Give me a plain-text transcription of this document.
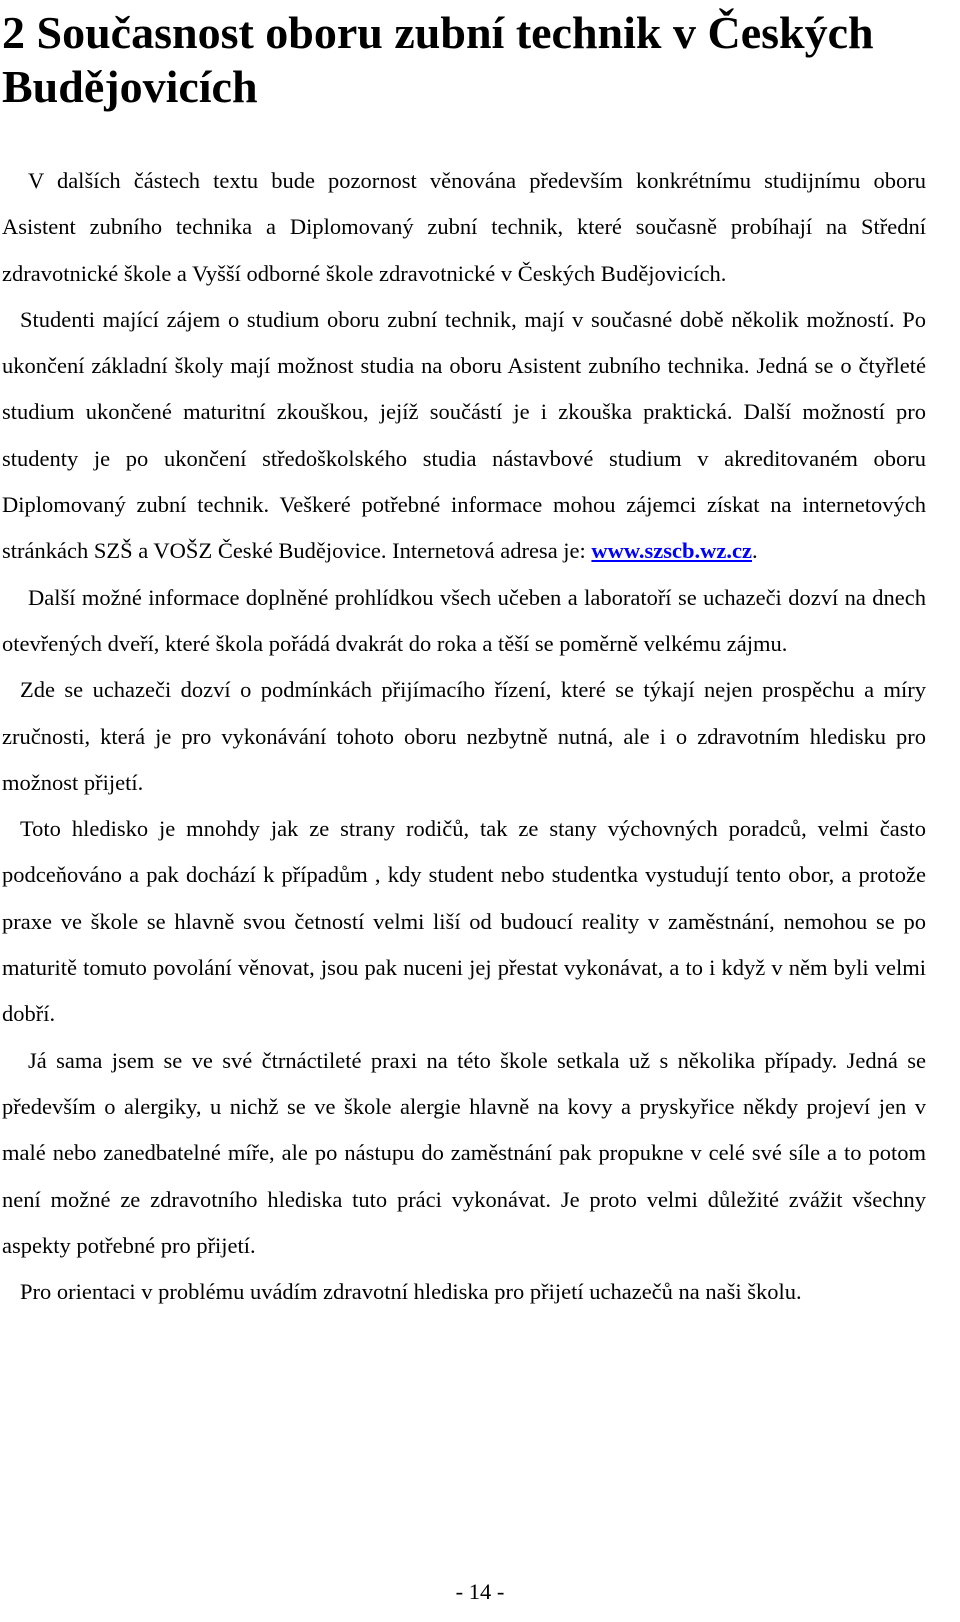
2 Současnost oboru zubní technik v Českých Budějovicích

V dalších částech textu bude pozornost věnována především konkrétnímu studijnímu oboru Asistent zubního technika a Diplomovaný zubní technik, které současně probíhají na Střední zdravotnické škole a Vyšší odborné škole zdravotnické v Českých Budějovicích.

Studenti mající zájem o studium oboru zubní technik, mají v současné době několik možností. Po ukončení základní školy mají možnost studia na oboru Asistent zubního technika. Jedná se o čtyřleté studium ukončené maturitní zkouškou, jejíž součástí je i zkouška praktická. Další možností pro studenty je po ukončení středoškolského studia nástavbové studium v akreditovaném oboru Diplomovaný zubní technik. Veškeré potřebné informace mohou zájemci získat na internetových stránkách SZŠ a VOŠZ České Budějovice. Internetová adresa je: www.szscb.wz.cz.

Další možné informace doplněné prohlídkou všech učeben a laboratoří se uchazeči dozví na dnech otevřených dveří, které škola pořádá dvakrát do roka a těší se poměrně velkému zájmu.

Zde se uchazeči dozví o podmínkách přijímacího řízení, které se týkají nejen prospěchu a míry zručnosti, která je pro vykonávání tohoto oboru nezbytně nutná, ale i o zdravotním hledisku pro možnost přijetí.

Toto hledisko je mnohdy jak ze strany rodičů, tak ze stany výchovných poradců, velmi často podceňováno a pak dochází k případům , kdy student nebo studentka vystudují tento obor, a protože praxe ve škole se hlavně svou četností velmi liší od budoucí reality v zaměstnání, nemohou se po maturitě tomuto povolání věnovat, jsou pak nuceni jej přestat vykonávat, a to i když v něm byli velmi dobří.

Já sama jsem se ve své čtrnáctileté praxi na této škole setkala už s několika případy. Jedná se především o alergiky, u nichž se ve škole alergie hlavně na kovy a pryskyřice někdy projeví jen v malé nebo zanedbatelné míře, ale po nástupu do zaměstnání pak propukne v celé své síle a to potom není možné ze zdravotního hlediska tuto práci vykonávat. Je proto velmi důležité zvážit všechny aspekty potřebné pro přijetí.

Pro orientaci v problému uvádím zdravotní hlediska pro přijetí uchazečů na naši školu.

- 14 -
